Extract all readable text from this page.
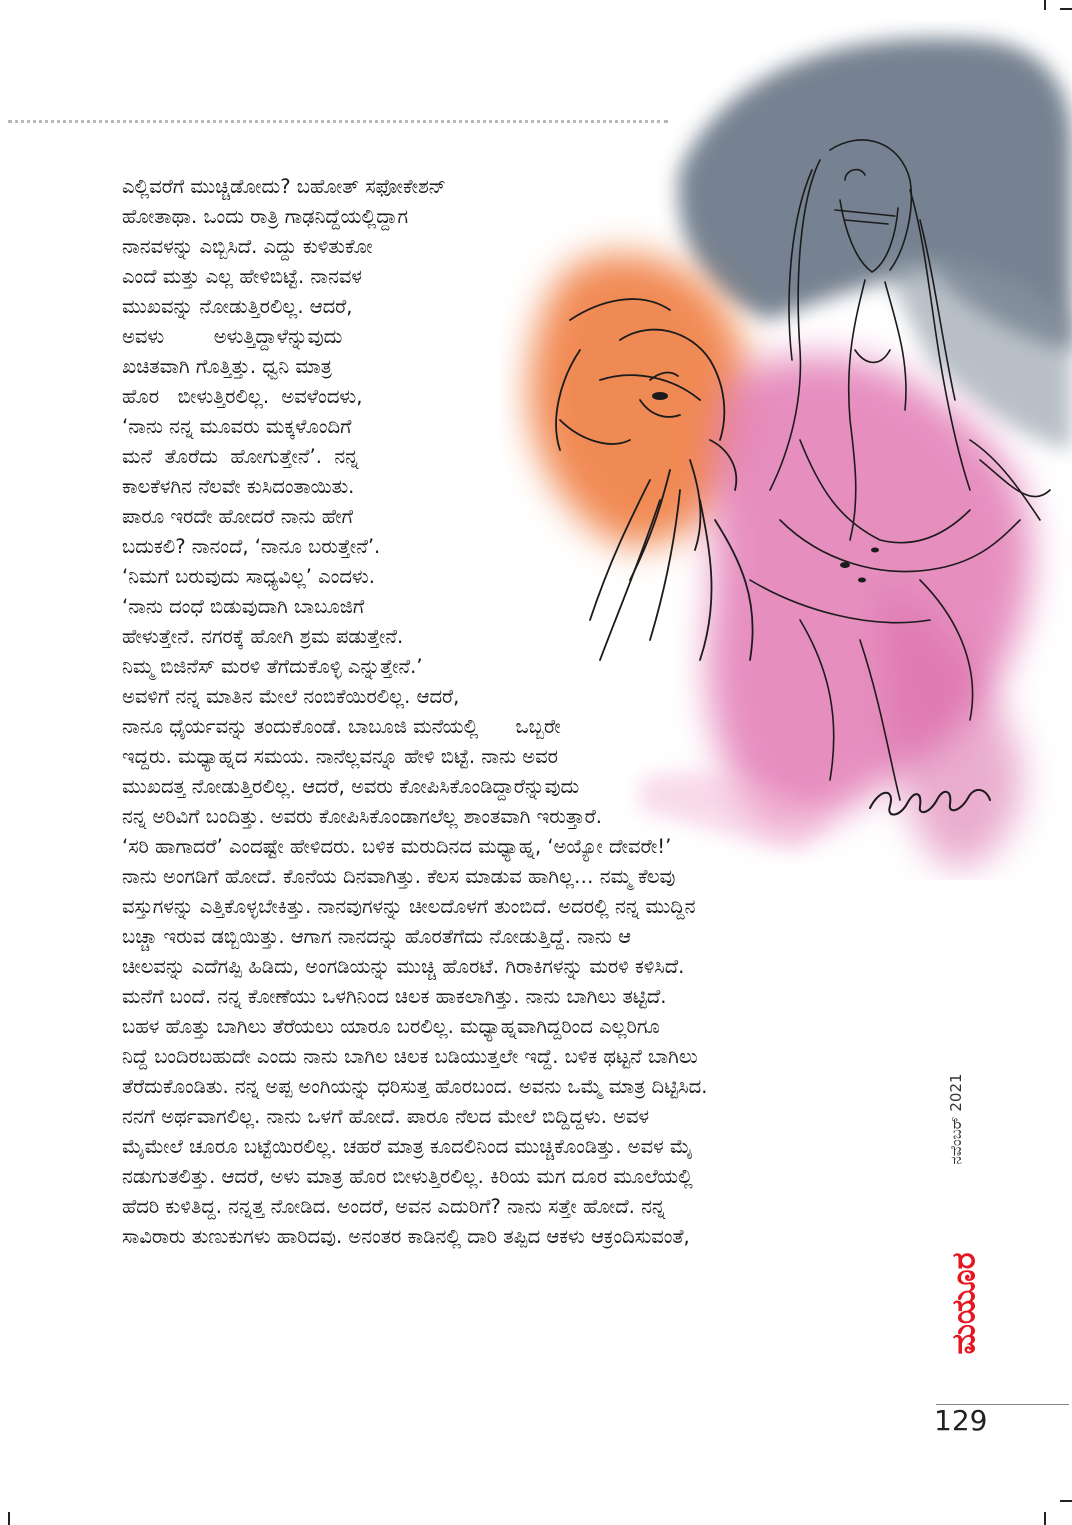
ಎಲ್ಲಿವರೆಗೆ ಮುಚ್ಚಿಡೋದು? ಬಹೋತ್ ಸಫೋಕೇಶನ್
ಹೋತಾಥಾ. ಒಂದು ರಾತ್ರಿ ಗಾಢನಿದ್ದೆಯಲ್ಲಿದ್ದಾಗ
ನಾನವಳನ್ನು ಎಬ್ಬಿಸಿದೆ. ಎದ್ದು ಕುಳಿತುಕೋ
ಎಂದೆ ಮತ್ತು ಎಲ್ಲ ಹೇಳಿಬಿಟ್ಟೆ. ನಾನವಳ
ಮುಖವನ್ನು ನೋಡುತ್ತಿರಲಿಲ್ಲ. ಆದರೆ,
ಅವಳು        ಅಳುತ್ತಿದ್ದಾಳೆನ್ನುವುದು
ಖಚಿತವಾಗಿ ಗೊತ್ತಿತ್ತು. ಧ್ವನಿ ಮಾತ್ರ
ಹೊರ   ಬೀಳುತ್ತಿರಲಿಲ್ಲ.  ಅವಳೆಂದಳು,
‘ನಾನು ನನ್ನ ಮೂವರು ಮಕ್ಕಳೊಂದಿಗೆ
ಮನೆ  ತೊರೆದು  ಹೋಗುತ್ತೇನೆ’.  ನನ್ನ
ಕಾಲಕೆಳಗಿನ ನೆಲವೇ ಕುಸಿದಂತಾಯಿತು.
ಪಾರೂ ಇರದೇ ಹೋದರೆ ನಾನು ಹೇಗೆ
ಬದುಕಲಿ? ನಾನಂದೆ, ‘ನಾನೂ ಬರುತ್ತೇನೆ’.
‘ನಿಮಗೆ ಬರುವುದು ಸಾಧ್ಯವಿಲ್ಲ’ ಎಂದಳು.
‘ನಾನು ದಂಧೆ ಬಿಡುವುದಾಗಿ ಬಾಬೂಜಿಗೆ
ಹೇಳುತ್ತೇನೆ. ನಗರಕ್ಕೆ ಹೋಗಿ ಶ್ರಮ ಪಡುತ್ತೇನೆ.
ನಿಮ್ಮ ಬಿಜಿನೆಸ್ ಮರಳಿ ತೆಗೆದುಕೊಳ್ಳಿ ಎನ್ನುತ್ತೇನೆ.’
ಅವಳಿಗೆ ನನ್ನ ಮಾತಿನ ಮೇಲೆ ನಂಬಿಕೆಯಿರಲಿಲ್ಲ. ಆದರೆ,
ನಾನೂ ಧೈರ್ಯವನ್ನು ತಂದುಕೊಂಡೆ. ಬಾಬೂಜಿ ಮನೆಯಲ್ಲಿ      ಒಬ್ಬರೇ
ಇದ್ದರು. ಮಧ್ಯಾಹ್ನದ ಸಮಯ. ನಾನೆಲ್ಲವನ್ನೂ ಹೇಳಿ ಬಿಟ್ಟೆ. ನಾನು ಅವರ
ಮುಖದತ್ತ ನೋಡುತ್ತಿರಲಿಲ್ಲ. ಆದರೆ, ಅವರು ಕೋಪಿಸಿಕೊಂಡಿದ್ದಾರೆನ್ನುವುದು
ನನ್ನ ಅರಿವಿಗೆ ಬಂದಿತ್ತು. ಅವರು ಕೋಪಿಸಿಕೊಂಡಾಗಲೆಲ್ಲ ಶಾಂತವಾಗಿ ಇರುತ್ತಾರೆ.
‘ಸರಿ ಹಾಗಾದರೆ’ ಎಂದಷ್ಟೇ ಹೇಳಿದರು. ಬಳಿಕ ಮರುದಿನದ ಮಧ್ಯಾಹ್ನ, ‘ಅಯ್ಯೋ ದೇವರೇ!’
ನಾನು ಅಂಗಡಿಗೆ ಹೋದೆ. ಕೊನೆಯ ದಿನವಾಗಿತ್ತು. ಕೆಲಸ ಮಾಡುವ ಹಾಗಿಲ್ಲ… ನಮ್ಮ ಕೆಲವು
ವಸ್ತುಗಳನ್ನು ಎತ್ತಿಕೊಳ್ಳಬೇಕಿತ್ತು. ನಾನವುಗಳನ್ನು ಚೀಲದೊಳಗೆ ತುಂಬಿದೆ. ಅದರಲ್ಲಿ ನನ್ನ ಮುದ್ದಿನ
ಬಚ್ಚಾ ಇರುವ ಡಬ್ಬಿಯಿತ್ತು. ಆಗಾಗ ನಾನದನ್ನು ಹೊರತೆಗೆದು ನೋಡುತ್ತಿದ್ದೆ. ನಾನು ಆ
ಚೀಲವನ್ನು ಎದೆಗಪ್ಪಿ ಹಿಡಿದು, ಅಂಗಡಿಯನ್ನು ಮುಚ್ಚಿ ಹೊರಟೆ. ಗಿರಾಕಿಗಳನ್ನು ಮರಳಿ ಕಳಿಸಿದೆ.
ಮನೆಗೆ ಬಂದೆ. ನನ್ನ ಕೋಣೆಯು ಒಳಗಿನಿಂದ ಚಿಲಕ ಹಾಕಲಾಗಿತ್ತು. ನಾನು ಬಾಗಿಲು ತಟ್ಟಿದೆ.
ಬಹಳ ಹೊತ್ತು ಬಾಗಿಲು ತೆರೆಯಲು ಯಾರೂ ಬರಲಿಲ್ಲ. ಮಧ್ಯಾಹ್ನವಾಗಿದ್ದರಿಂದ ಎಲ್ಲರಿಗೂ
ನಿದ್ದೆ ಬಂದಿರಬಹುದೇ ಎಂದು ನಾನು ಬಾಗಿಲ ಚಿಲಕ ಬಡಿಯುತ್ತಲೇ ಇದ್ದೆ. ಬಳಿಕ ಥಟ್ಟನೆ ಬಾಗಿಲು
ತೆರೆದುಕೊಂಡಿತು. ನನ್ನ ಅಪ್ಪ ಅಂಗಿಯನ್ನು ಧರಿಸುತ್ತ ಹೊರಬಂದ. ಅವನು ಒಮ್ಮೆ ಮಾತ್ರ ದಿಟ್ಟಿಸಿದ.
ನನಗೆ ಅರ್ಥವಾಗಲಿಲ್ಲ. ನಾನು ಒಳಗೆ ಹೋದೆ. ಪಾರೂ ನೆಲದ ಮೇಲೆ ಬಿದ್ದಿದ್ದಳು. ಅವಳ
ಮೈಮೇಲೆ ಚೂರೂ ಬಟ್ಟೆಯಿರಲಿಲ್ಲ. ಚಹರೆ ಮಾತ್ರ ಕೂದಲಿನಿಂದ ಮುಚ್ಚಿಕೊಂಡಿತ್ತು. ಅವಳ ಮೈ
ನಡುಗುತಲಿತ್ತು. ಆದರೆ, ಅಳು ಮಾತ್ರ ಹೊರ ಬೀಳುತ್ತಿರಲಿಲ್ಲ. ಕಿರಿಯ ಮಗ ದೂರ ಮೂಲೆಯಲ್ಲಿ
ಹೆದರಿ ಕುಳಿತಿದ್ದ. ನನ್ನತ್ತ ನೋಡಿದ. ಅಂದರೆ, ಅವನ ಎದುರಿಗೆ? ನಾನು ಸತ್ತೇ ಹೋದೆ. ನನ್ನ
ಸಾವಿರಾರು ತುಣುಕುಗಳು ಹಾರಿದವು. ಅನಂತರ ಕಾಡಿನಲ್ಲಿ ದಾರಿ ತಪ್ಪಿದ ಆಕಳು ಆಕ್ರಂದಿಸುವಂತೆ,
ನವೆಂಬರ್ 2021
ಮಯೂರ
129
